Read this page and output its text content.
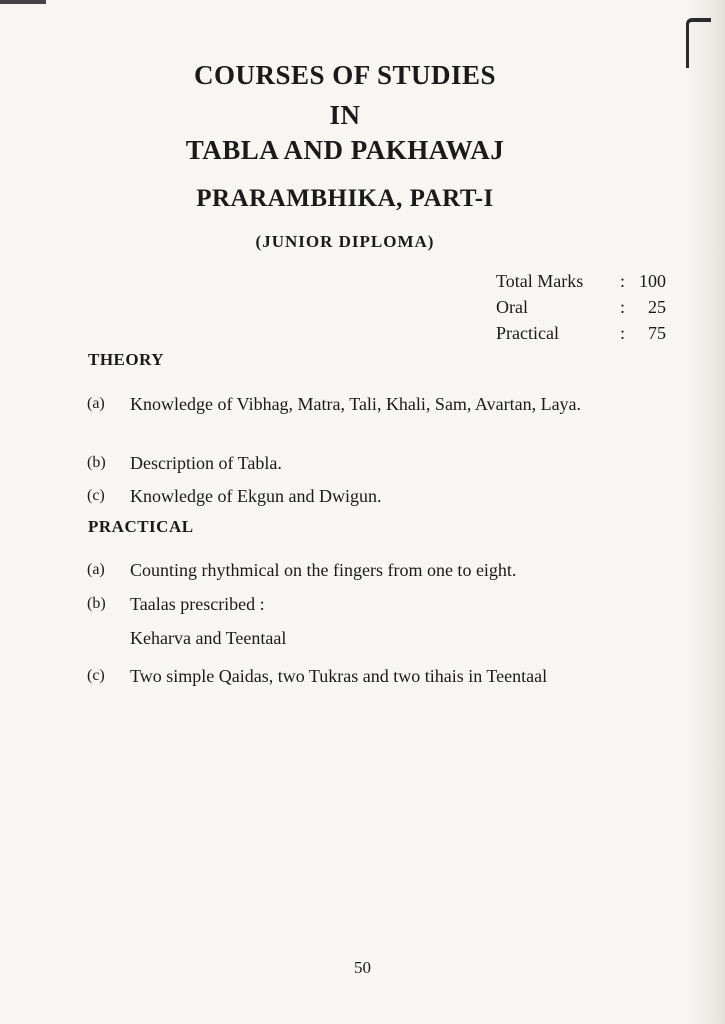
COURSES OF STUDIES
IN
TABLA AND PAKHAWAJ
PRARAMBHIKA, PART-I
(JUNIOR DIPLOMA)
Total Marks	: 100
Oral	:	25
Practical	:	75
THEORY
(a)	Knowledge of Vibhag, Matra, Tali, Khali, Sam, Avartan, Laya.
(b)	Description of Tabla.
(c)	Knowledge of Ekgun and Dwigun.
PRACTICAL
(a)	Counting rhythmical on the fingers from one to eight.
(b)	Taalas prescribed :
Keharva and Teentaal
(c)	Two simple Qaidas, two Tukras and two tihais in Teentaal
50
